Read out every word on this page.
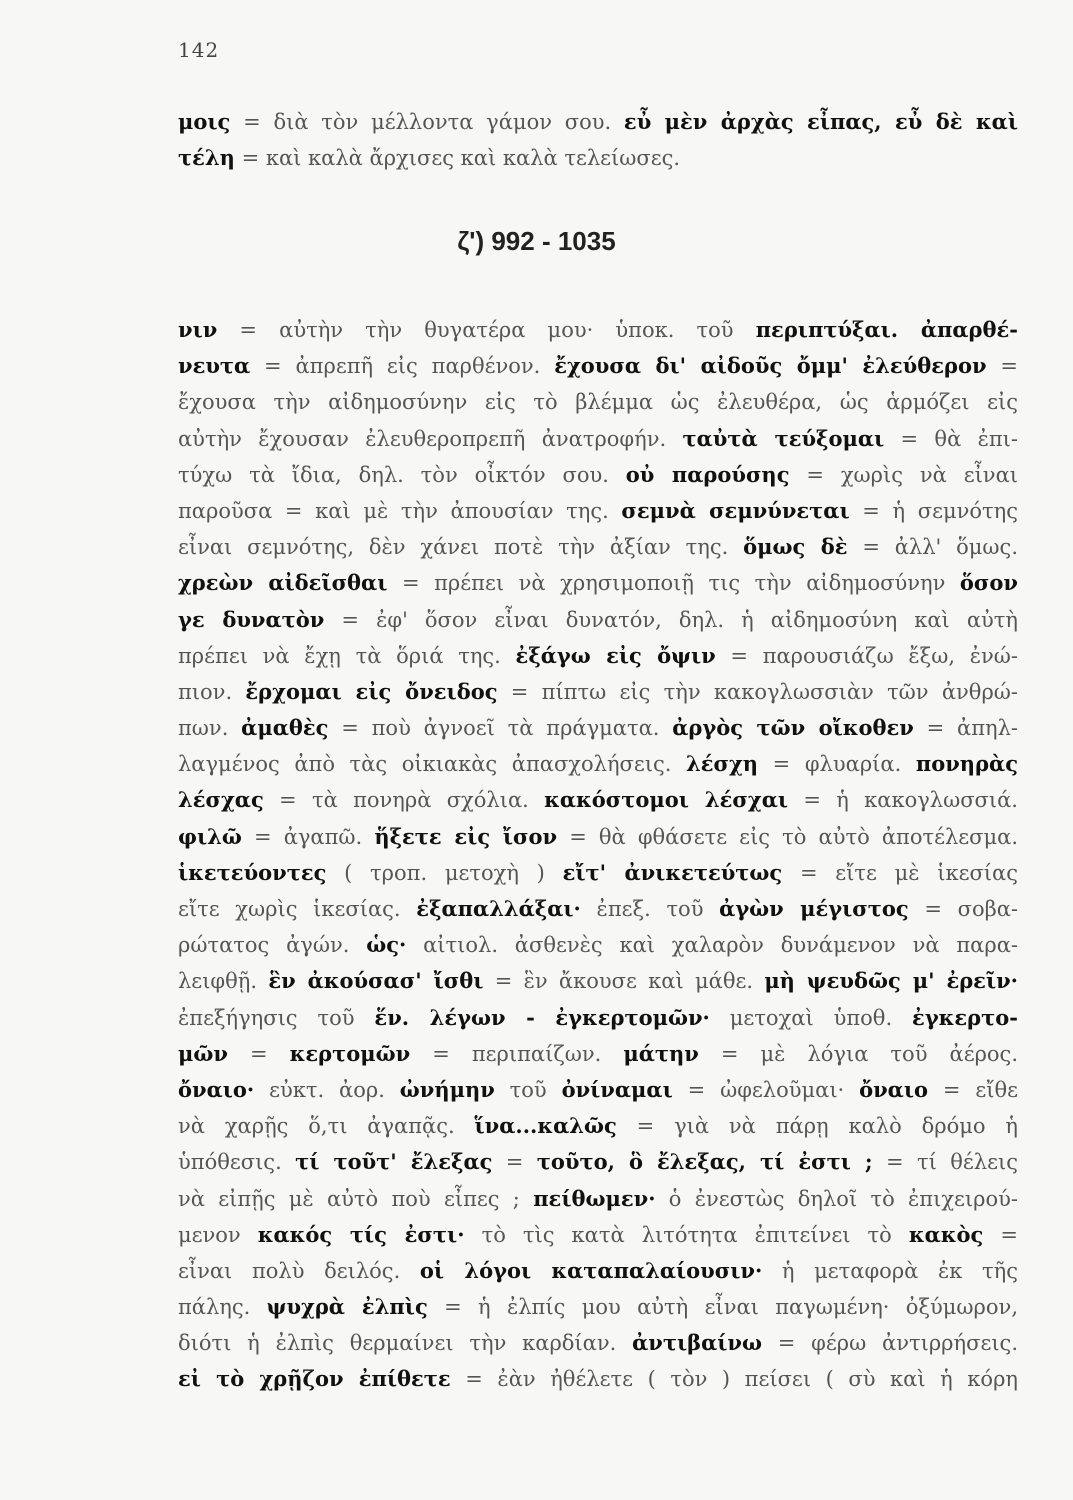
142
μοις = διὰ τὸν μέλλοντα γάμον σου. εὖ μὲν ἀρχὰς εἶπας, εὖ δὲ καὶ
τέλη = καὶ καλὰ ἄρχισες καὶ καλὰ τελείωσες.
ζ') 992 - 1035
νιν = αὐτὴν τὴν θυγατέρα μου· ὑποκ. τοῦ περιπτύξαι. ἀπαρθέ-
νευτα = ἀπρεπῆ εἰς παρθένον. ἔχουσα δι' αἰδοῦς ὄμμ' ἐλεύθερον =
ἔχουσα τὴν αἰδημοσύνην εἰς τὸ βλέμμα ὡς ἐλευθέρα, ὡς ἁρμόζει εἰς
αὐτὴν ἔχουσαν ἐλευθεροπρεπῆ ἀνατροφήν. ταὐτὰ τεύξομαι = θὰ ἐπι-
τύχω τὰ ἴδια, δηλ. τὸν οἶκτόν σου. οὐ παρούσης = χωρὶς νὰ εἶναι
παροῦσα = καὶ μὲ τὴν ἀπουσίαν της. σεμνὰ σεμνύνεται = ἡ σεμνότης
εἶναι σεμνότης, δὲν χάνει ποτὲ τὴν ἀξίαν της. ὅμως δὲ = ἀλλ' ὅμως.
χρεὼν αἰδεῖσθαι = πρέπει νὰ χρησιμοποιῇ τις τὴν αἰδημοσύνην ὅσον
γε δυνατὸν = ἐφ' ὅσον εἶναι δυνατόν, δηλ. ἡ αἰδημοσύνη καὶ αὐτὴ
πρέπει νὰ ἔχῃ τὰ ὅριά της. ἐξάγω εἰς ὄψιν = παρουσιάζω ἔξω, ἐνώ-
πιον. ἔρχομαι εἰς ὄνειδος = πίπτω εἰς τὴν κακογλωσσιὰν τῶν ἀνθρώ-
πων. ἀμαθὲς = ποὺ ἀγνοεῖ τὰ πράγματα. ἀργὸς τῶν οἴκοθεν = ἀπηλ-
λαγμένος ἀπὸ τὰς οἰκιακὰς ἀπασχολήσεις. λέσχη = φλυαρία. πονηρὰς
λέσχας = τὰ πονηρὰ σχόλια. κακόστομοι λέσχαι = ἡ κακογλωσσιά.
φιλῶ = ἀγαπῶ. ἥξετε εἰς ἴσον = θὰ φθάσετε εἰς τὸ αὐτὸ ἀποτέλεσμα.
ἱκετεύοντες ( τροπ. μετοχὴ ) εἴτ' ἀνικετεύτως = εἴτε μὲ ἱκεσίας
εἴτε χωρὶς ἱκεσίας. ἐξαπαλλάξαι· ἐπεξ. τοῦ ἀγὼν μέγιστος = σοβα-
ρώτατος ἀγών. ὡς· αἰτιολ. ἀσθενὲς καὶ χαλαρὸν δυνάμενον νὰ παρα-
λειφθῇ. ἓν ἀκούσασ' ἴσθι = ἓν ἄκουσε καὶ μάθε. μὴ ψευδῶς μ' ἐρεῖν·
ἐπεξήγησις τοῦ ἕν. λέγων - ἐγκερτομῶν· μετοχαὶ ὑποθ. ἐγκερτο-
μῶν = κερτομῶν = περιπαίζων. μάτην = μὲ λόγια τοῦ ἀέρος.
ὄναιο· εὐκτ. ἀορ. ὠνήμην τοῦ ὀνίναμαι = ὠφελοῦμαι· ὄναιο = εἴθε
νὰ χαρῇς ὅ,τι ἀγαπᾷς. ἵνα...καλῶς = γιὰ νὰ πάρῃ καλὸ δρόμο ἡ
ὑπόθεσις. τί τοῦτ' ἔλεξας = τοῦτο, ὃ ἔλεξας, τί ἐστι ; = τί θέλεις
νὰ εἰπῇς μὲ αὐτὸ ποὺ εἶπες ; πείθωμεν· ὁ ἐνεστὼς δηλοῖ τὸ ἐπιχειρού-
μενον κακός τίς ἐστι· τὸ τὶς κατὰ λιτότητα ἐπιτείνει τὸ κακὸς =
εἶναι πολὺ δειλός. οἱ λόγοι καταπαλαίουσιν· ἡ μεταφορὰ ἐκ τῆς
πάλης. ψυχρὰ ἐλπὶς = ἡ ἐλπίς μου αὐτὴ εἶναι παγωμένη· ὀξύμωρον,
διότι ἡ ἐλπὶς θερμαίνει τὴν καρδίαν. ἀντιβαίνω = φέρω ἀντιρρήσεις.
εἰ τὸ χρῇζον ἐπίθετε = ἐὰν ἠθέλετε ( τὸν ) πείσει ( σὺ καὶ ἡ κόρη
